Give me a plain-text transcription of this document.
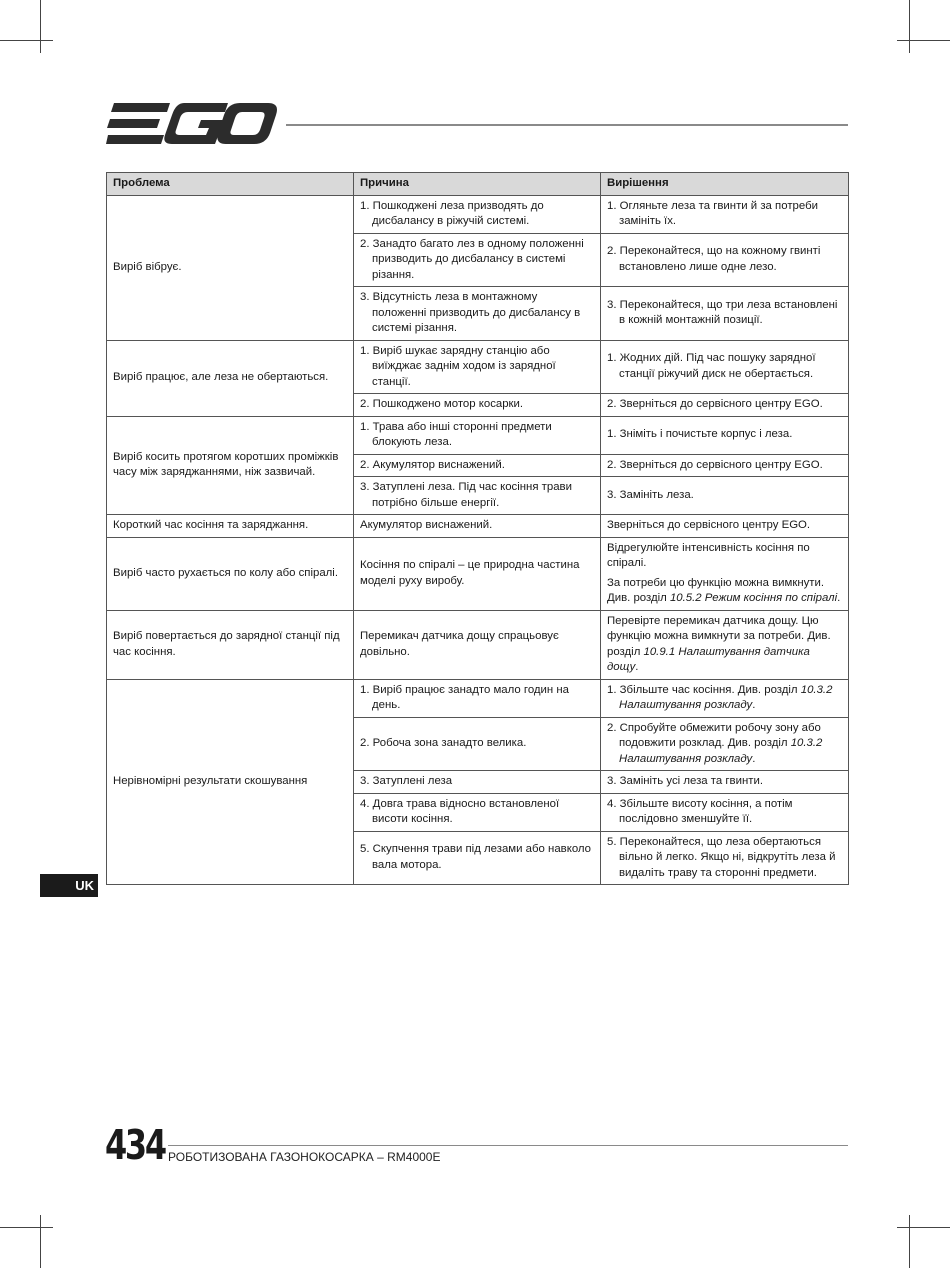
Проблема	Причина	Вирішення
Виріб вібрує.	1. Пошкоджені леза призводять до дисбалансу в ріжучій системі.	1. Огляньте леза та гвинти й за потреби замініть їх.

	2. Занадто багато лез в одному положенні призводить до дисбалансу в системі різання.	2. Переконайтеся, що на кожному гвинті встановлено лише одне лезо.

	3. Відсутність леза в монтажному положенні призводить до дисбалансу в системі різання.	3. Переконайтеся, що три леза встановлені в кожній монтажній позиції.

Виріб працює, але леза не обертаються.	1. Виріб шукає зарядну станцію або виїжджає заднім ходом із зарядної станції.	1. Жодних дій. Під час пошуку зарядної станції ріжучий диск не обертається.

	2. Пошкоджено мотор косарки.	2. Зверніться до сервісного центру EGO.

Виріб косить протягом коротших проміжків часу між заряджаннями, ніж зазвичай.	1. Трава або інші сторонні предмети блокують леза.	1. Зніміть і почистьте корпус і леза.

	2. Акумулятор виснажений.	2. Зверніться до сервісного центру EGO.

	3. Затуплені леза. Під час косіння трави потрібно більше енергії.	3. Замініть леза.

Короткий час косіння та заряджання.	Акумулятор виснажений.	Зверніться до сервісного центру EGO.

Виріб часто рухається по колу або спіралі.	Косіння по спіралі – це природна частина моделі руху виробу.	Відрегулюйте інтенсивність косіння по спіралі.
За потреби цю функцію можна вимкнути. Див. розділ 10.5.2 Режим косіння по спіралі.

Виріб повертається до зарядної станції під час косіння.	Перемикач датчика дощу спрацьовує довільно.	Перевірте перемикач датчика дощу. Цю функцію можна вимкнути за потреби. Див. розділ 10.9.1 Налаштування датчика дощу.

Нерівномірні результати скошування	1. Виріб працює занадто мало годин на день.	1. Збільште час косіння. Див. розділ 10.3.2 Налаштування розкладу.

	2. Робоча зона занадто велика.	2. Спробуйте обмежити робочу зону або подовжити розклад. Див. розділ 10.3.2 Налаштування розкладу.

	3. Затуплені леза	3. Замініть усі леза та гвинти.

	4. Довга трава відносно встановленої висоти косіння.	4. Збільште висоту косіння, а потім послідовно зменшуйте її.

	5. Скупчення трави під лезами або навколо вала мотора.	5. Переконайтеся, що леза обертаються вільно й легко. Якщо ні, відкрутіть леза й видаліть траву та сторонні предмети.
UK
434 РОБОТИЗОВАНА ГАЗОНОКОСАРКА – RM4000E
